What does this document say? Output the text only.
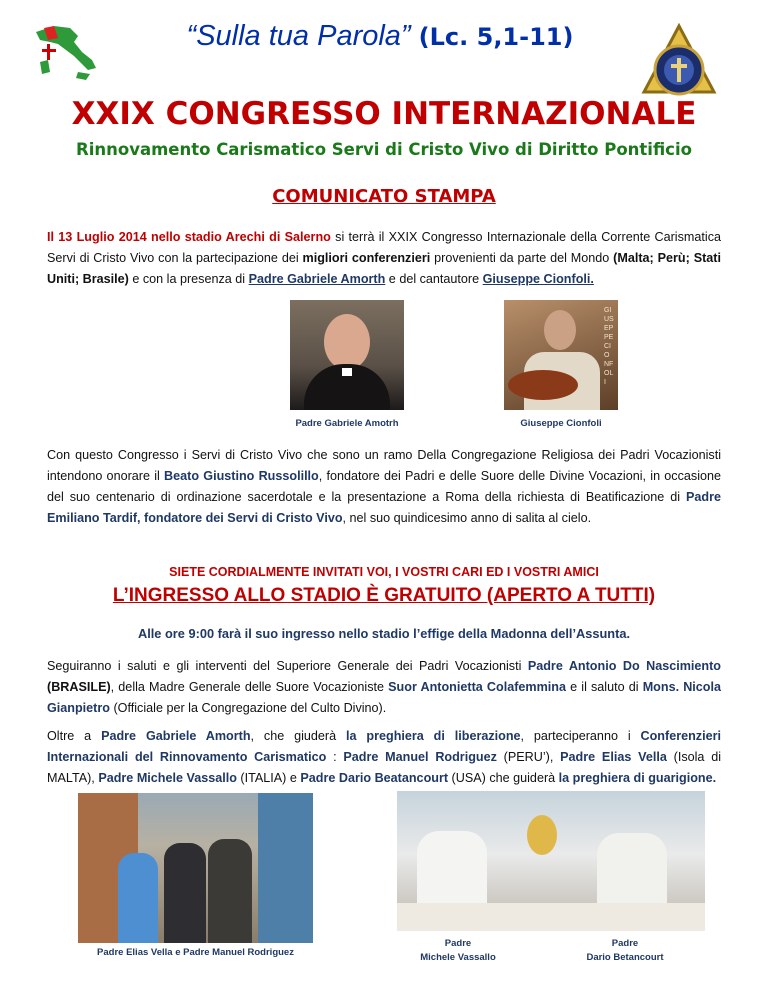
“Sulla tua Parola” (Lc. 5,1-11)
XXIX CONGRESSO INTERNAZIONALE
Rinnovamento Carismatico Servi di Cristo Vivo di Diritto Pontificio
COMUNICATO STAMPA

Il 13 Luglio 2014 nello stadio Arechi di Salerno si terrà il XXIX Congresso Internazionale della Corrente Carismatica Servi di Cristo Vivo con la partecipazione dei migliori conferenzieri provenienti da parte del Mondo (Malta; Perù; Stati Uniti; Brasile) e con la presenza di Padre Gabriele Amorth e del cantautore Giuseppe Cionfoli.

Padre Gabriele Amotrh
GIUSEPPE CIONFOLI
Giuseppe Cionfoli

Con questo Congresso i Servi di Cristo Vivo che sono un ramo Della Congregazione Religiosa dei Padri Vocazionisti intendono onorare il Beato Giustino Russolillo, fondatore dei Padri e delle Suore delle Divine Vocazioni, in occasione del suo centenario di ordinazione sacerdotale e la presentazione a Roma della richiesta di Beatificazione di Padre Emiliano Tardif, fondatore dei Servi di Cristo Vivo, nel suo quindicesimo anno di salita al cielo.

SIETE CORDIALMENTE INVITATI VOI, I VOSTRI CARI ED I VOSTRI AMICI
L’INGRESSO ALLO STADIO È GRATUITO (APERTO A TUTTI)
Alle ore 9:00 farà il suo ingresso nello stadio l’effige della Madonna dell’Assunta.

Seguiranno i saluti e gli interventi del Superiore Generale dei Padri Vocazionisti Padre Antonio Do Nascimiento (BRASILE), della Madre Generale delle Suore Vocazioniste Suor Antonietta Colafemmina e il saluto di Mons. Nicola Gianpietro (Officiale per la Congregazione del Culto Divino).

Oltre a Padre Gabriele Amorth, che giuderà la preghiera di liberazione, parteciperanno i Conferenzieri Internazionali del Rinnovamento Carismatico : Padre Manuel Rodriguez (PERU’), Padre Elias Vella (Isola di MALTA), Padre Michele Vassallo (ITALIA) e Padre Dario Beatancourt (USA) che guiderà la preghiera di guarigione.

Padre Elias Vella e Padre Manuel Rodriguez
Padre
Michele Vassallo
Padre
Dario Betancourt
